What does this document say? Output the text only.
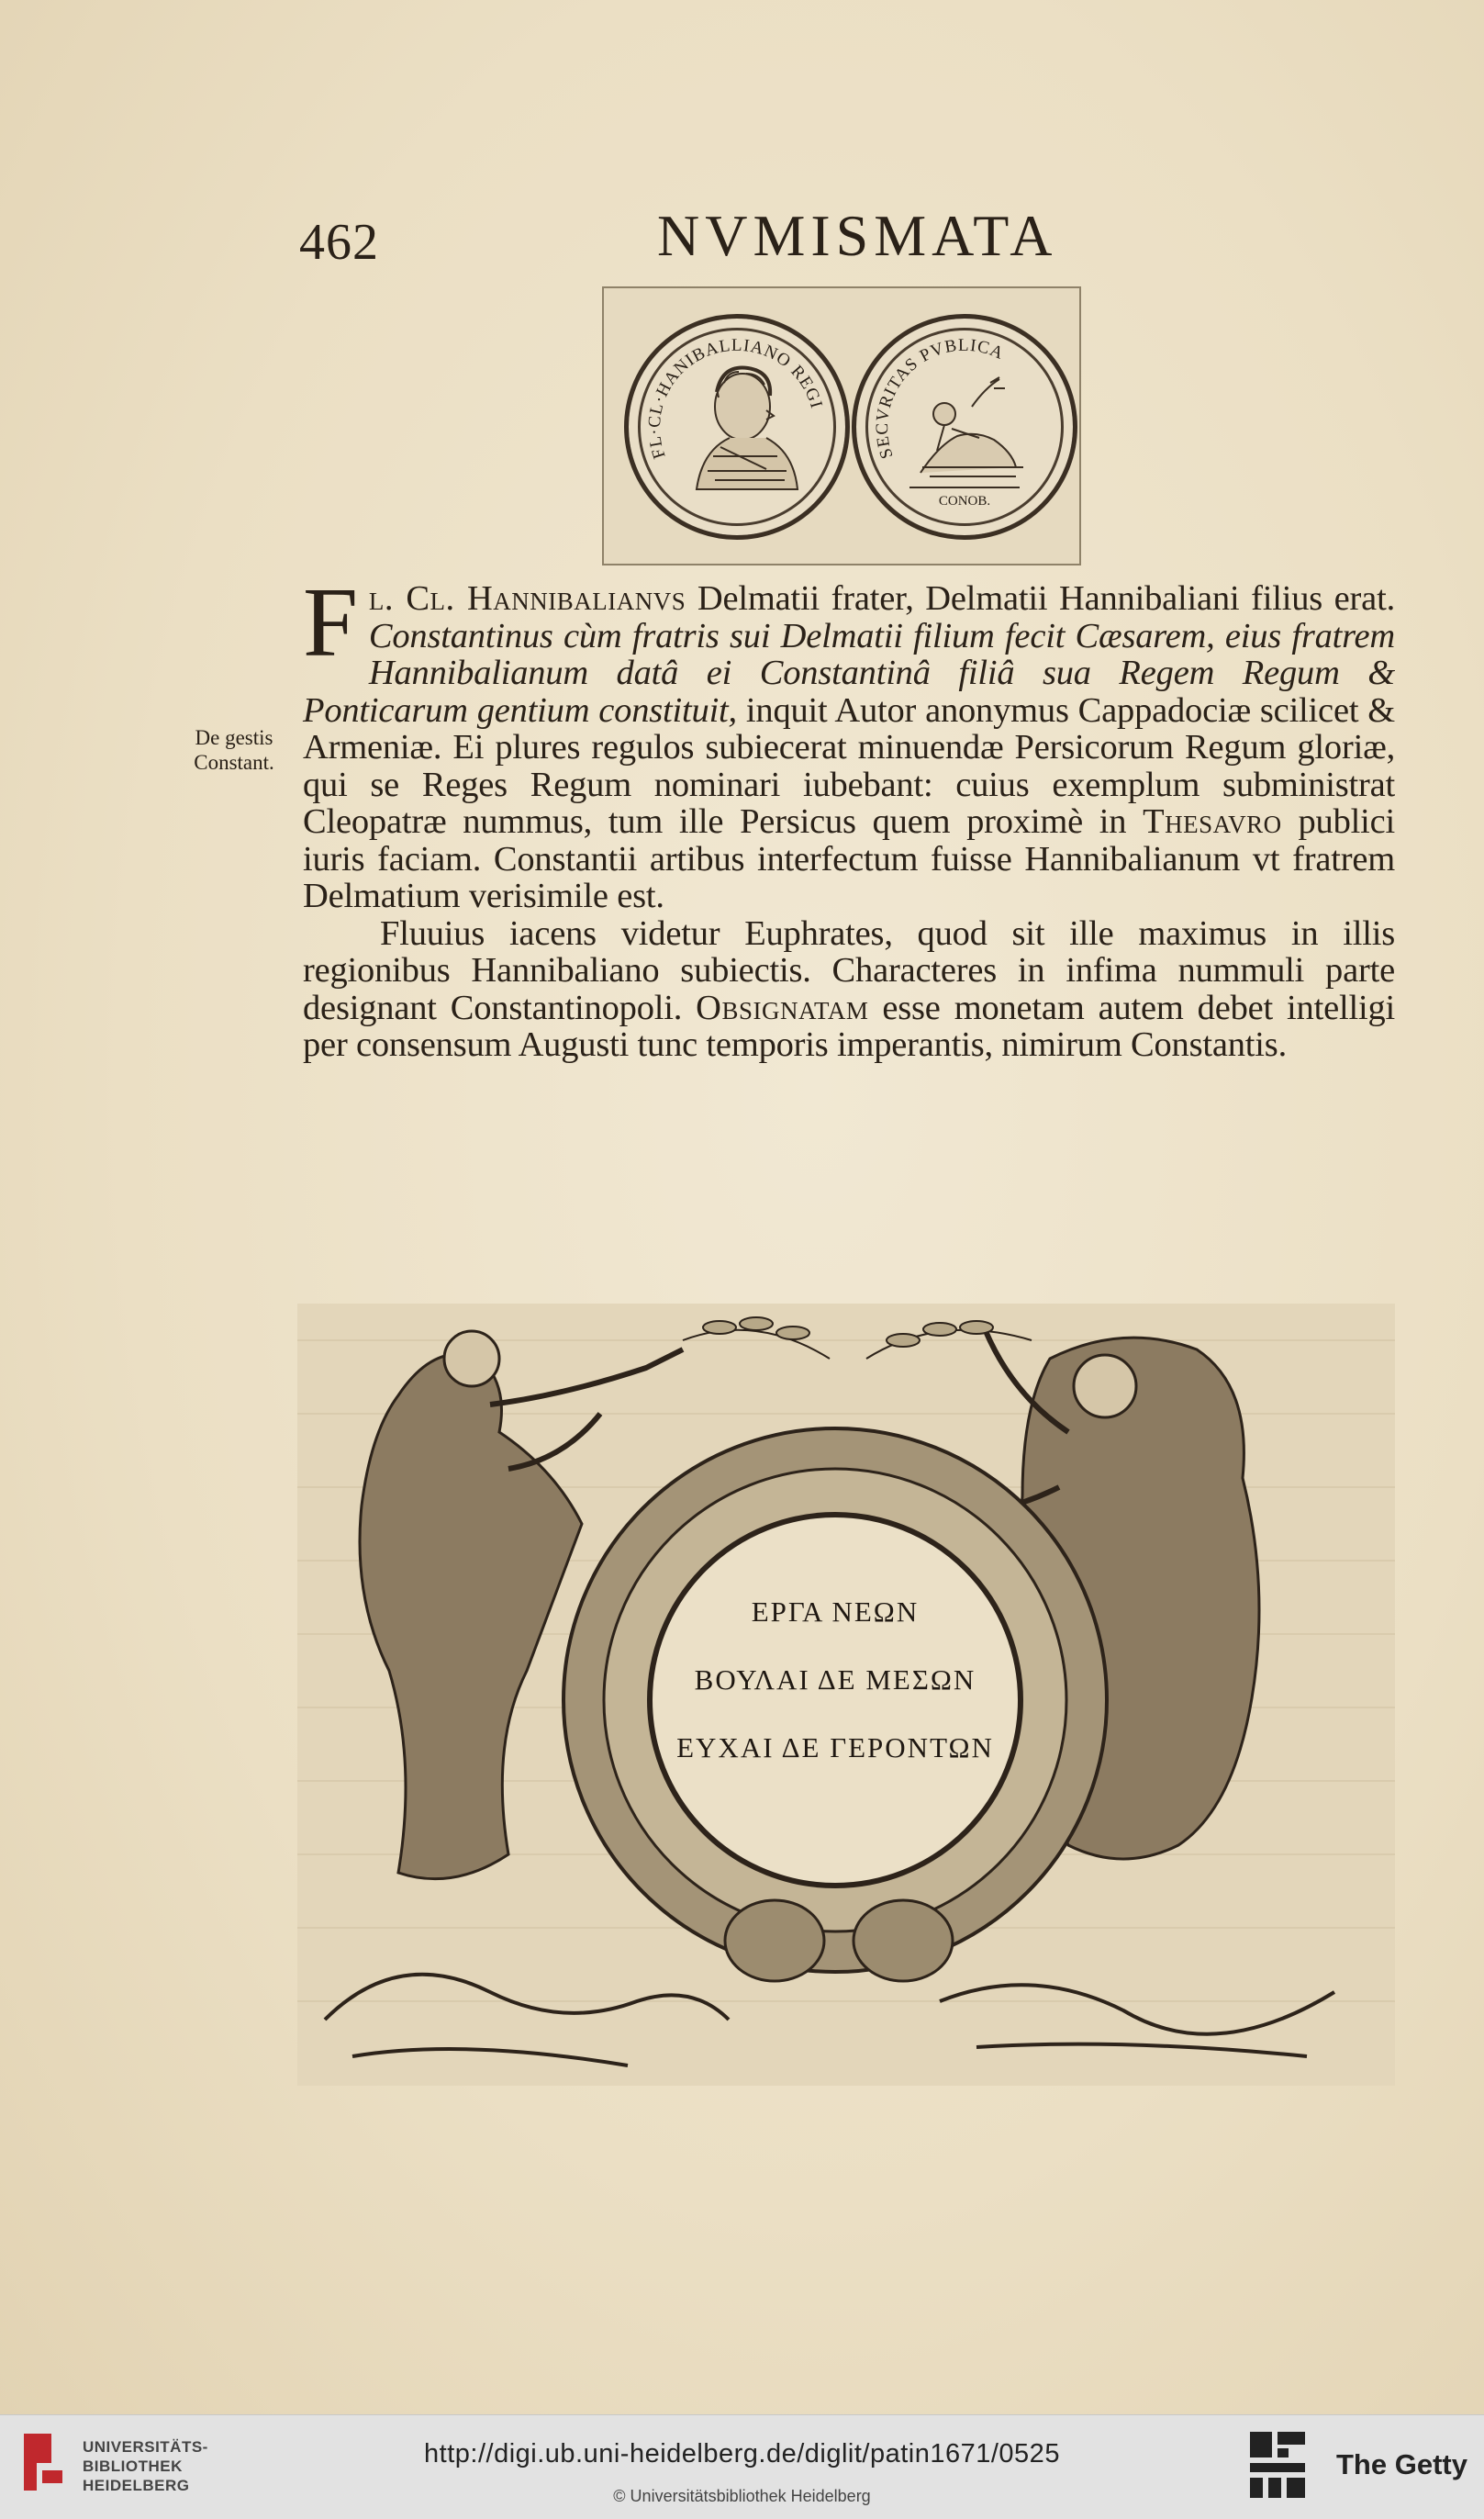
462	NVMISMATA
FL·CL·HANIBALLIANO REGI
SECVRITAS PVBLICA
CONOB.
De gestis
Constant.

Fl. Cl. Hannibalianvs Delmatii frater, Delmatii Hannibaliani filius erat. Constantinus cùm fratris sui Delmatii filium fecit Cæsarem, eius fratrem Hannibalianum datâ ei Constantinâ filiâ sua Regem Regum & Ponticarum gentium constituit, inquit Autor anonymus Cappadociæ scilicet & Armeniæ. Ei plures regulos subiecerat minuendæ Persicorum Regum gloriæ, qui se Reges Regum nominari iubebant: cuius exemplum subministrat Cleopatræ nummus, tum ille Persicus quem proximè in Thesavro publici iuris faciam. Constantii artibus interfectum fuisse Hannibalianum vt fratrem Delmatium verisimile est.

Fluuius iacens videtur Euphrates, quod sit ille maximus in illis regionibus Hannibaliano subiectis. Characteres in infima nummuli parte designant Constantinopoli. Obsignatam esse monetam autem debet intelligi per consensum Augusti tunc temporis imperantis, nimirum Constantis.

ΕΡΓΑ ΝΕΩΝ
ΒΟΥΛΑΙ ΔΕ ΜΕΣΩΝ
ΕΥΧΑΙ ΔΕ ΓΕΡΟΝΤΩΝ
UNIVERSITÄTS-
BIBLIOTHEK
HEIDELBERG
http://digi.ub.uni-heidelberg.de/diglit/patin1671/0525
© Universitätsbibliothek Heidelberg
The Getty
